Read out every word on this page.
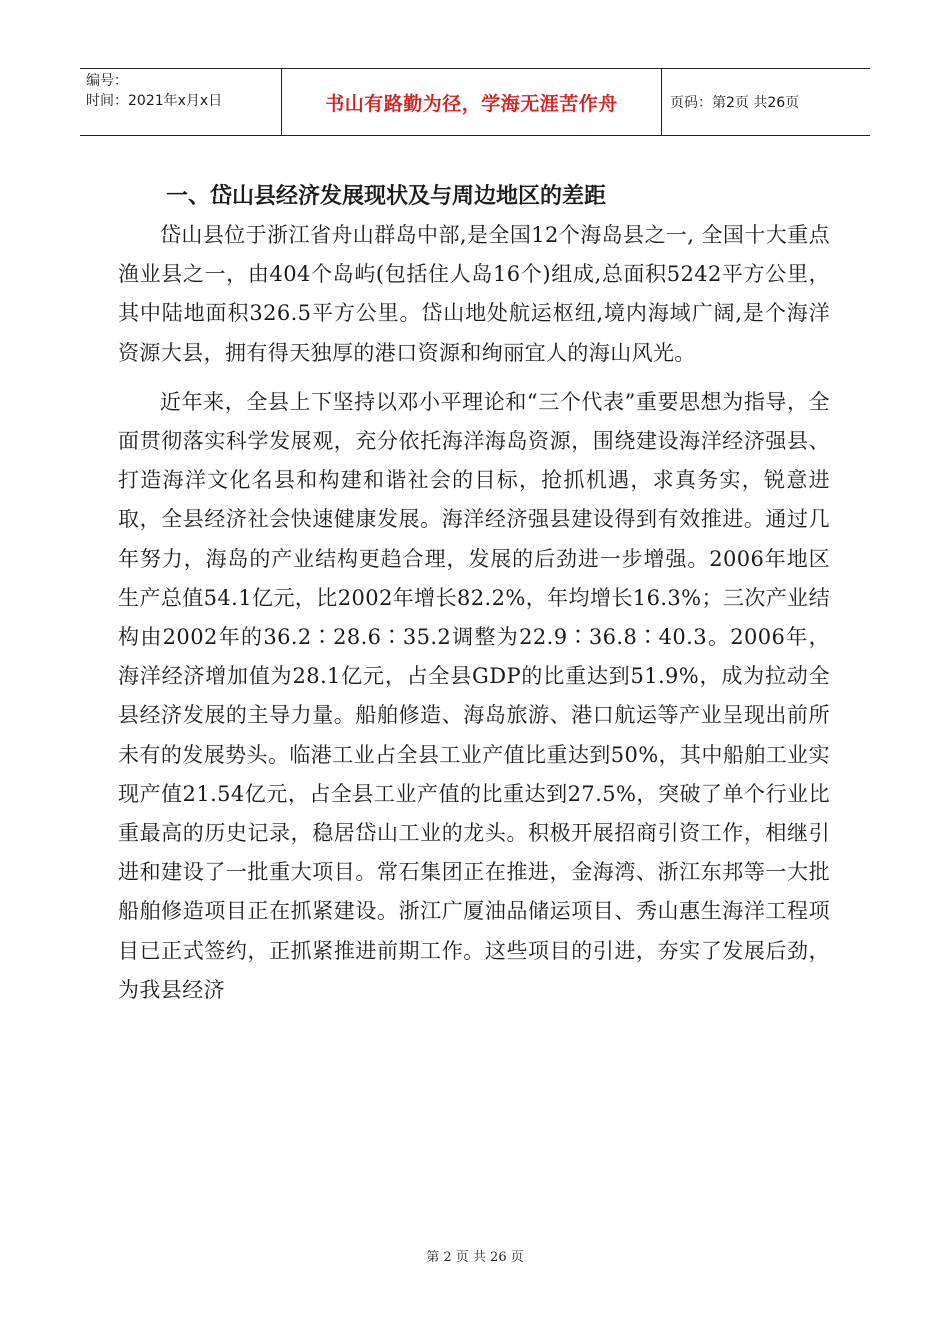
编号：
时间：2021年x月x日	书山有路勤为径，学海无涯苦作舟	页码：第2页 共26页
一、岱山县经济发展现状及与周边地区的差距

岱山县位于浙江省舟山群岛中部,是全国12个海岛县之一, 全国十大重点渔业县之一，由404个岛屿(包括住人岛16个)组成,总面积5242平方公里，其中陆地面积326.5平方公里。岱山地处航运枢纽,境内海域广阔,是个海洋资源大县，拥有得天独厚的港口资源和绚丽宜人的海山风光。

近年来，全县上下坚持以邓小平理论和“三个代表”重要思想为指导，全面贯彻落实科学发展观，充分依托海洋海岛资源，围绕建设海洋经济强县、打造海洋文化名县和构建和谐社会的目标，抢抓机遇，求真务实，锐意进取，全县经济社会快速健康发展。海洋经济强县建设得到有效推进。通过几年努力，海岛的产业结构更趋合理，发展的后劲进一步增强。2006年地区生产总值54.1亿元，比2002年增长82.2%，年均增长16.3%；三次产业结构由2002年的36.2∶28.6∶35.2调整为22.9∶36.8∶40.3。2006年，海洋经济增加值为28.1亿元，占全县GDP的比重达到51.9%，成为拉动全县经济发展的主导力量。船舶修造、海岛旅游、港口航运等产业呈现出前所未有的发展势头。临港工业占全县工业产值比重达到50%，其中船舶工业实现产值21.54亿元，占全县工业产值的比重达到27.5%，突破了单个行业比重最高的历史记录，稳居岱山工业的龙头。积极开展招商引资工作，相继引进和建设了一批重大项目。常石集团正在推进，金海湾、浙江东邦等一大批船舶修造项目正在抓紧建设。浙江广厦油品储运项目、秀山惠生海洋工程项目已正式签约，正抓紧推进前期工作。这些项目的引进，夯实了发展后劲，为我县经济

第 2 页 共 26 页
